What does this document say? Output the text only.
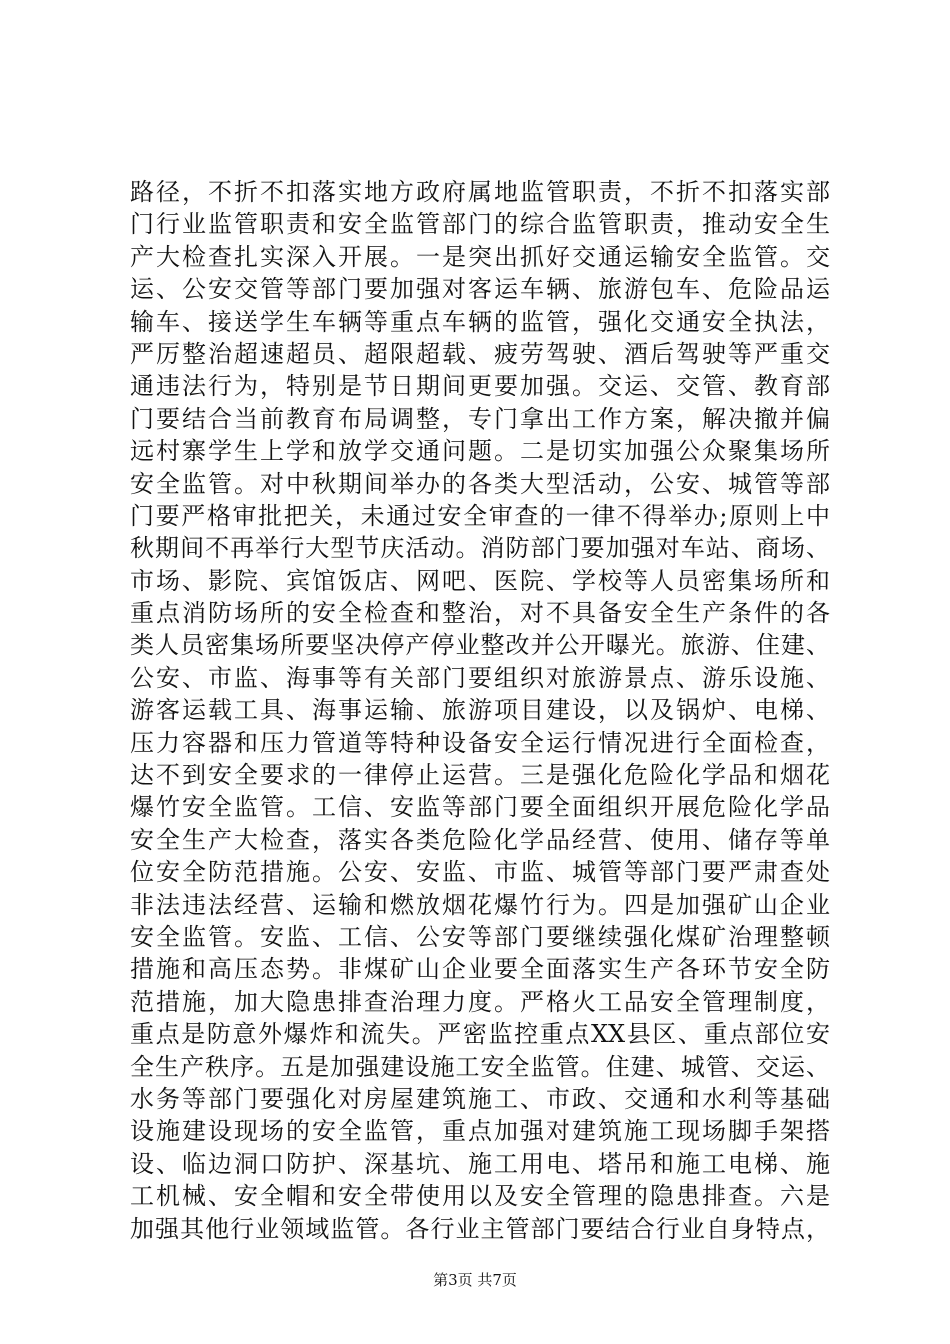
路径，不折不扣落实地方政府属地监管职责，不折不扣落实部
门行业监管职责和安全监管部门的综合监管职责，推动安全生
产大检查扎实深入开展。一是突出抓好交通运输安全监管。交
运、公安交管等部门要加强对客运车辆、旅游包车、危险品运
输车、接送学生车辆等重点车辆的监管，强化交通安全执法，
严厉整治超速超员、超限超载、疲劳驾驶、酒后驾驶等严重交
通违法行为，特别是节日期间更要加强。交运、交管、教育部
门要结合当前教育布局调整，专门拿出工作方案，解决撤并偏
远村寨学生上学和放学交通问题。二是切实加强公众聚集场所
安全监管。对中秋期间举办的各类大型活动，公安、城管等部
门要严格审批把关，未通过安全审查的一律不得举办;原则上中
秋期间不再举行大型节庆活动。消防部门要加强对车站、商场、
市场、影院、宾馆饭店、网吧、医院、学校等人员密集场所和
重点消防场所的安全检查和整治，对不具备安全生产条件的各
类人员密集场所要坚决停产停业整改并公开曝光。旅游、住建、
公安、市监、海事等有关部门要组织对旅游景点、游乐设施、
游客运载工具、海事运输、旅游项目建设，以及锅炉、电梯、
压力容器和压力管道等特种设备安全运行情况进行全面检查，
达不到安全要求的一律停止运营。三是强化危险化学品和烟花
爆竹安全监管。工信、安监等部门要全面组织开展危险化学品
安全生产大检查，落实各类危险化学品经营、使用、储存等单
位安全防范措施。公安、安监、市监、城管等部门要严肃查处
非法违法经营、运输和燃放烟花爆竹行为。四是加强矿山企业
安全监管。安监、工信、公安等部门要继续强化煤矿治理整顿
措施和高压态势。非煤矿山企业要全面落实生产各环节安全防
范措施，加大隐患排查治理力度。严格火工品安全管理制度，
重点是防意外爆炸和流失。严密监控重点XX县区、重点部位安
全生产秩序。五是加强建设施工安全监管。住建、城管、交运、
水务等部门要强化对房屋建筑施工、市政、交通和水利等基础
设施建设现场的安全监管，重点加强对建筑施工现场脚手架搭
设、临边洞口防护、深基坑、施工用电、塔吊和施工电梯、施
工机械、安全帽和安全带使用以及安全管理的隐患排查。六是
加强其他行业领域监管。各行业主管部门要结合行业自身特点，
第3页 共7页
